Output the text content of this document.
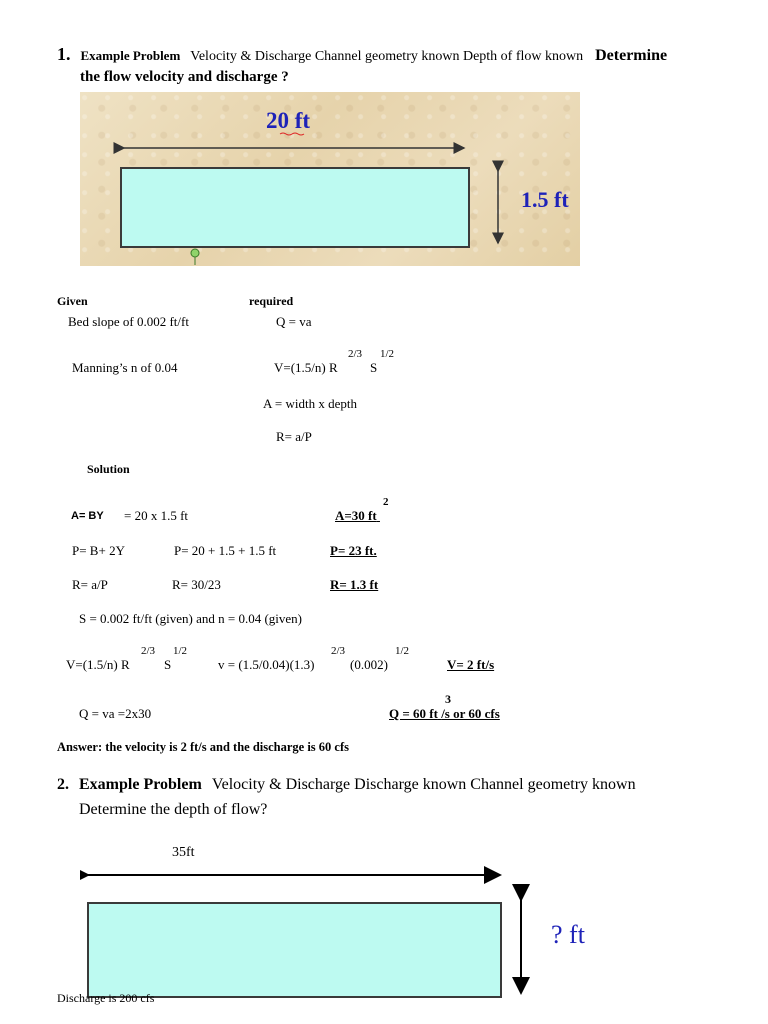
1. Example Problem Velocity & Discharge Channel geometry known Depth of flow known Determine
the flow velocity and discharge ?
20 ft
1.5 ft
Given	required
Bed slope of 0.002 ft/ft	Q = va
2/3 1/2
Manning’s n of 0.04	V=(1.5/n) R S
A = width x depth
R= a/P
Solution
A= BY = 20 x 1.5 ft
2
A=30 ft
P= B+ 2Y	P= 20 + 1.5 + 1.5 ft	P= 23 ft.
R= a/P	R= 30/23	R= 1.3 ft
S = 0.002 ft/ft (given) and n = 0.04 (given)
2/3 1/2	2/3	1/2
V=(1.5/n) R	S	v = (1.5/0.04)(1.3)	(0.002)	V= 2 ft/s
3
Q = va =2x30	Q = 60 ft /s or 60 cfs
Answer: the velocity is 2 ft/s and the discharge is 60 cfs
2. Example Problem Velocity & Discharge Discharge known Channel geometry known
Determine the depth of flow?
35ft
? ft
Discharge is 200 cfs
